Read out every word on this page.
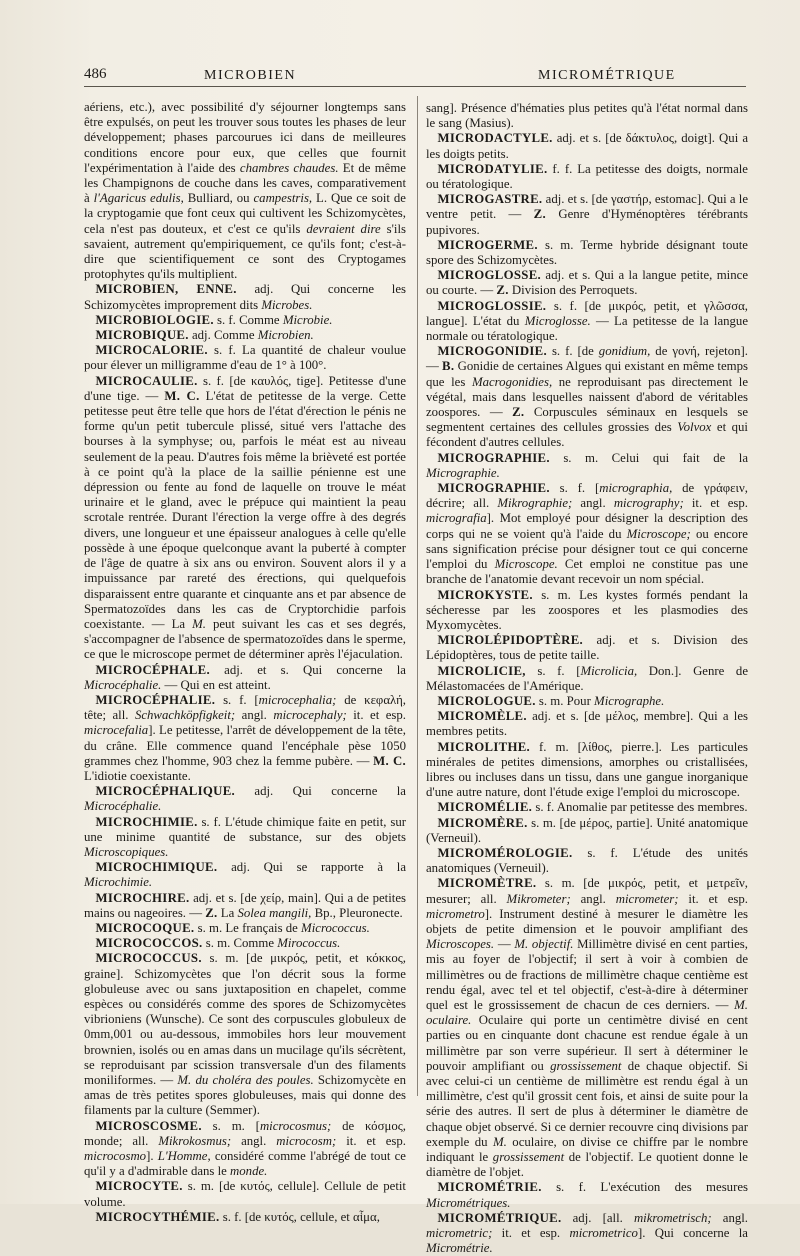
486	MICROBIEN	MICROMÉTRIQUE

aériens, etc.), avec possibilité d'y séjourner longtemps sans être expulsés, on peut les trouver sous toutes les phases de leur développement; phases parcourues ici dans de meilleures conditions encore pour eux, que celles que fournit l'expérimentation à l'aide des chambres chaudes. Et de même les Champignons de couche dans les caves, comparativement à l'Agaricus edulis, Bulliard, ou campestris, L. Que ce soit de la cryptogamie que font ceux qui cultivent les Schizomycètes, cela n'est pas douteux, et c'est ce qu'ils devraient dire s'ils savaient, autrement qu'empiriquement, ce qu'ils font; c'est-à-dire que scientifiquement ce sont des Cryptogames protophytes qu'ils multiplient.

MICROBIEN, ENNE. adj. Qui concerne les Schizomycètes improprement dits Microbes.

MICROBIOLOGIE. s. f. Comme Microbie.

MICROBIQUE. adj. Comme Microbien.

MICROCALORIE. s. f. La quantité de chaleur voulue pour élever un milligramme d'eau de 1° à 100°.

MICROCAULIE. s. f. [de καυλός, tige]. Petitesse d'une d'une tige. — M. C. L'état de petitesse de la verge. Cette petitesse peut être telle que hors de l'état d'érection le pénis ne forme qu'un petit tubercule plissé, situé vers l'attache des bourses à la symphyse; ou, parfois le méat est au niveau seulement de la peau. D'autres fois même la brièveté est portée à ce point qu'à la place de la saillie pénienne est une dépression ou fente au fond de laquelle on trouve le méat urinaire et le gland, avec le prépuce qui maintient la peau scrotale rentrée. Durant l'érection la verge offre à des degrés divers, une longueur et une épaisseur analogues à celle qu'elle possède à une époque quelconque avant la puberté à compter de l'âge de quatre à six ans ou environ. Souvent alors il y a impuissance par rareté des érections, qui quelquefois disparaissent entre quarante et cinquante ans et par absence de Spermatozoïdes dans les cas de Cryptorchidie parfois coexistante. — La M. peut suivant les cas et ses degrés, s'accompagner de l'absence de spermatozoïdes dans le sperme, ce que le microscope permet de déterminer après l'éjaculation.

MICROCÉPHALE. adj. et s. Qui concerne la Microcéphalie. — Qui en est atteint.

MICROCÉPHALIE. s. f. [microcephalia; de κεφαλή, tête; all. Schwachköpfigkeit; angl. microcephaly; it. et esp. microcefalia]. Le petitesse, l'arrêt de développement de la tête, du crâne. Elle commence quand l'encéphale pèse 1050 grammes chez l'homme, 903 chez la femme pubère. — M. C. L'idiotie coexistante.

MICROCÉPHALIQUE. adj. Qui concerne la Microcéphalie.

MICROCHIMIE. s. f. L'étude chimique faite en petit, sur une minime quantité de substance, sur des objets Microscopiques.

MICROCHIMIQUE. adj. Qui se rapporte à la Microchimie.

MICROCHIRE. adj. et s. [de χείρ, main]. Qui a de petites mains ou nageoires. — Z. La Solea mangili, Bp., Pleuronecte.

MICROCOQUE. s. m. Le français de Micrococcus.

MICROCOCCOS. s. m. Comme Mirococcus.

MICROCOCCUS. s. m. [de μικρός, petit, et κόκκος, graine]. Schizomycètes que l'on décrit sous la forme globuleuse avec ou sans juxtaposition en chapelet, comme espèces ou considérés comme des spores de Schizomycètes vibrioniens (Wunsche). Ce sont des corpuscules globuleux de 0mm,001 ou au-dessous, immobiles hors leur mouvement brownien, isolés ou en amas dans un mucilage qu'ils sécrètent, se reproduisant par scission transversale d'un des filaments moniliformes. — M. du choléra des poules. Schizomycète en amas de très petites spores globuleuses, mais qui donne des filaments par la culture (Semmer).

MICROSCOSME. s. m. [microcosmus; de κόσμος, monde; all. Mikrokosmus; angl. microcosm; it. et esp. microcosmo]. L'Homme, considéré comme l'abrégé de tout ce qu'il y a d'admirable dans le monde.

MICROCYTE. s. m. [de κυτός, cellule]. Cellule de petit volume.

MICROCYTHÉMIE. s. f. [de κυτός, cellule, et αἷμα,

sang]. Présence d'hématies plus petites qu'à l'état normal dans le sang (Masius).

MICRODACTYLE. adj. et s. [de δάκτυλος, doigt]. Qui a les doigts petits.

MICRODATYLIE. f. f. La petitesse des doigts, normale ou tératologique.

MICROGASTRE. adj. et s. [de γαστήρ, estomac]. Qui a le ventre petit. — Z. Genre d'Hyménoptères térébrants pupivores.

MICROGERME. s. m. Terme hybride désignant toute spore des Schizomycètes.

MICROGLOSSE. adj. et s. Qui a la langue petite, mince ou courte. — Z. Division des Perroquets.

MICROGLOSSIE. s. f. [de μικρός, petit, et γλῶσσα, langue]. L'état du Microglosse. — La petitesse de la langue normale ou tératologique.

MICROGONIDIE. s. f. [de gonidium, de γονή, rejeton]. — B. Gonidie de certaines Algues qui existant en même temps que les Macrogonidies, ne reproduisant pas directement le végétal, mais dans lesquelles naissent d'abord de véritables zoospores. — Z. Corpuscules séminaux en lesquels se segmentent certaines des cellules grossies des Volvox et qui fécondent d'autres cellules.

MICROGRAPHIE. s. m. Celui qui fait de la Micrographie.

MICROGRAPHIE. s. f. [micrographia, de γράφειν, décrire; all. Mikrographie; angl. micrography; it. et esp. micrografia]. Mot employé pour désigner la description des corps qui ne se voient qu'à l'aide du Microscope; ou encore sans signification précise pour désigner tout ce qui concerne l'emploi du Microscope. Cet emploi ne constitue pas une branche de l'anatomie devant recevoir un nom spécial.

MICROKYSTE. s. m. Les kystes formés pendant la sécheresse par les zoospores et les plasmodies des Myxomycètes.

MICROLÉPIDOPTÈRE. adj. et s. Division des Lépidoptères, tous de petite taille.

MICROLICIE, s. f. [Microlicia, Don.]. Genre de Mélastomacées de l'Amérique.

MICROLOGUE. s. m. Pour Micrographe.

MICROMÈLE. adj. et s. [de μέλος, membre]. Qui a les membres petits.

MICROLITHE. f. m. [λίθος, pierre.]. Les particules minérales de petites dimensions, amorphes ou cristallisées, libres ou incluses dans un tissu, dans une gangue inorganique d'une autre nature, dont l'étude exige l'emploi du microscope.

MICROMÉLIE. s. f. Anomalie par petitesse des membres.

MICROMÈRE. s. m. [de μέρος, partie]. Unité anatomique (Verneuil).

MICROMÉROLOGIE. s. f. L'étude des unités anatomiques (Verneuil).

MICROMÈTRE. s. m. [de μικρός, petit, et μετρεῖν, mesurer; all. Mikrometer; angl. micrometer; it. et esp. micrometro]. Instrument destiné à mesurer le diamètre les objets de petite dimension et le pouvoir amplifiant des Microscopes. — M. objectif. Millimètre divisé en cent parties, mis au foyer de l'objectif; il sert à voir à combien de millimètres ou de fractions de millimètre chaque centième est rendu égal, avec tel et tel objectif, c'est-à-dire à déterminer quel est le grossissement de chacun de ces derniers. — M. oculaire. Oculaire qui porte un centimètre divisé en cent parties ou en cinquante dont chacune est rendue égale à un millimètre par son verre supérieur. Il sert à déterminer le pouvoir amplifiant ou grossissement de chaque objectif. Si avec celui-ci un centième de millimètre est rendu égal à un millimètre, c'est qu'il grossit cent fois, et ainsi de suite pour la série des autres. Il sert de plus à déterminer le diamètre de chaque objet observé. Si ce dernier recouvre cinq divisions par exemple du M. oculaire, on divise ce chiffre par le nombre indiquant le grossissement de l'objectif. Le quotient donne le diamètre de l'objet.

MICROMÉTRIE. s. f. L'exécution des mesures Micrométriques.

MICROMÉTRIQUE. adj. [all. mikrometrisch; angl. micrometric; it. et esp. micrometrico]. Qui concerne la Micrométrie.
